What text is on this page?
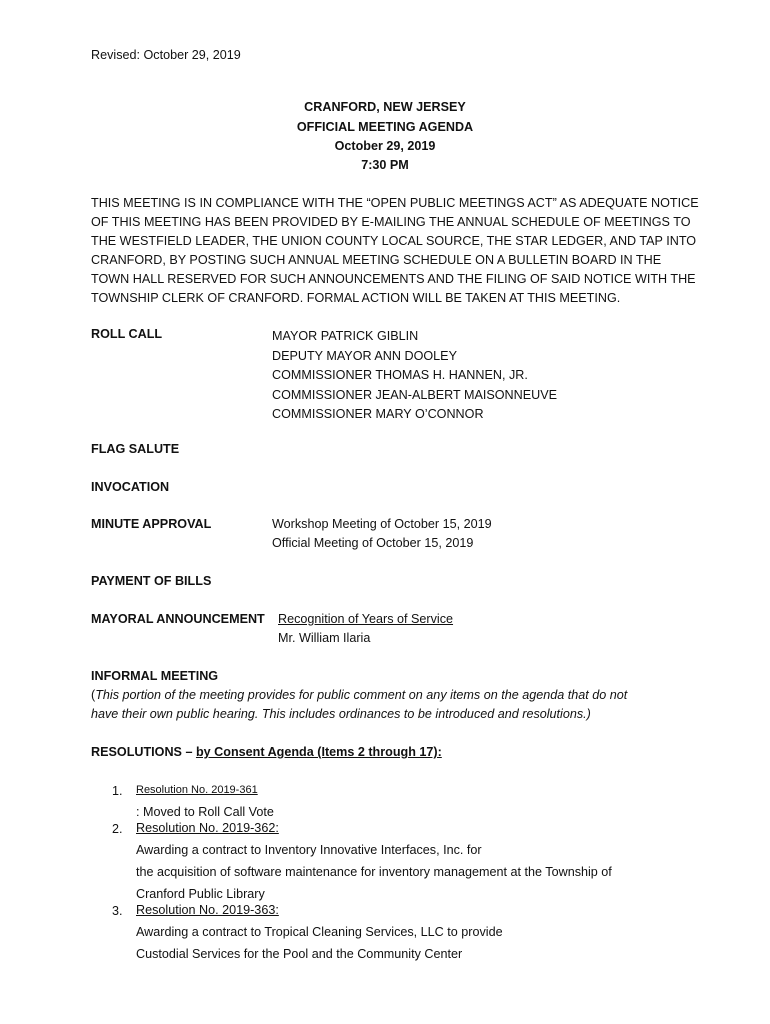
Revised: October 29, 2019
CRANFORD, NEW JERSEY
OFFICIAL MEETING AGENDA
October 29, 2019
7:30 PM
THIS MEETING IS IN COMPLIANCE WITH THE “OPEN PUBLIC MEETINGS ACT” AS ADEQUATE NOTICE
OF THIS MEETING HAS BEEN PROVIDED BY E-MAILING THE ANNUAL SCHEDULE OF MEETINGS TO
THE WESTFIELD LEADER, THE UNION COUNTY LOCAL SOURCE, THE STAR LEDGER, AND TAP INTO
CRANFORD, BY POSTING SUCH ANNUAL MEETING SCHEDULE ON A BULLETIN BOARD IN THE
TOWN HALL RESERVED FOR SUCH ANNOUNCEMENTS AND THE FILING OF SAID NOTICE WITH THE
TOWNSHIP CLERK OF CRANFORD. FORMAL ACTION WILL BE TAKEN AT THIS MEETING.
ROLL CALL	MAYOR PATRICK GIBLIN
DEPUTY MAYOR ANN DOOLEY
COMMISSIONER THOMAS H. HANNEN, JR.
COMMISSIONER JEAN-ALBERT MAISONNEUVE
COMMISSIONER MARY O’CONNOR
FLAG SALUTE
INVOCATION
MINUTE APPROVAL	Workshop Meeting of October 15, 2019
Official Meeting of October 15, 2019
PAYMENT OF BILLS
MAYORAL ANNOUNCEMENT Recognition of Years of Service
Mr. William Ilaria
INFORMAL MEETING
(This portion of the meeting provides for public comment on any items on the agenda that do not
have their own public hearing. This includes ordinances to be introduced and resolutions.)
RESOLUTIONS – by Consent Agenda (Items 2 through 17):
1. Resolution No. 2019-361
: Moved to Roll Call Vote
2. Resolution No. 2019-362:
Awarding a contract to Inventory Innovative Interfaces, Inc. for
the acquisition of software maintenance for inventory management at the Township of
Cranford Public Library
3. Resolution No. 2019-363:
Awarding a contract to Tropical Cleaning Services, LLC to provide
Custodial Services for the Pool and the Community Center
